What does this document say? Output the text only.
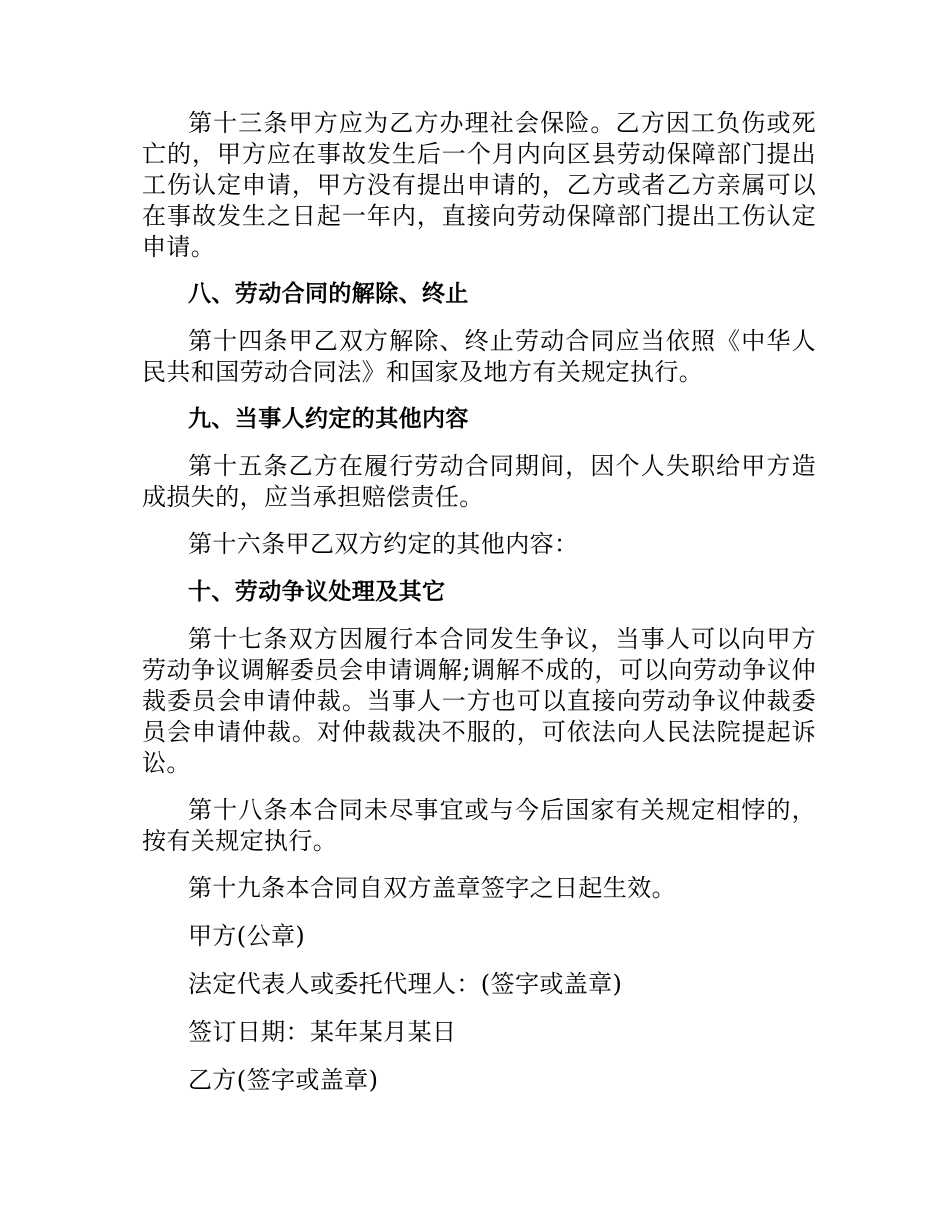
第十三条甲方应为乙方办理社会保险。乙方因工负伤或死亡的，甲方应在事故发生后一个月内向区县劳动保障部门提出工伤认定申请，甲方没有提出申请的，乙方或者乙方亲属可以在事故发生之日起一年内，直接向劳动保障部门提出工伤认定申请。

八、劳动合同的解除、终止

第十四条甲乙双方解除、终止劳动合同应当依照《中华人民共和国劳动合同法》和国家及地方有关规定执行。

九、当事人约定的其他内容

第十五条乙方在履行劳动合同期间，因个人失职给甲方造成损失的，应当承担赔偿责任。

第十六条甲乙双方约定的其他内容：

十、劳动争议处理及其它

第十七条双方因履行本合同发生争议，当事人可以向甲方劳动争议调解委员会申请调解;调解不成的，可以向劳动争议仲裁委员会申请仲裁。当事人一方也可以直接向劳动争议仲裁委员会申请仲裁。对仲裁裁决不服的，可依法向人民法院提起诉讼。

第十八条本合同未尽事宜或与今后国家有关规定相悖的，按有关规定执行。

第十九条本合同自双方盖章签字之日起生效。

甲方(公章)

法定代表人或委托代理人：(签字或盖章)

签订日期：某年某月某日

乙方(签字或盖章)
